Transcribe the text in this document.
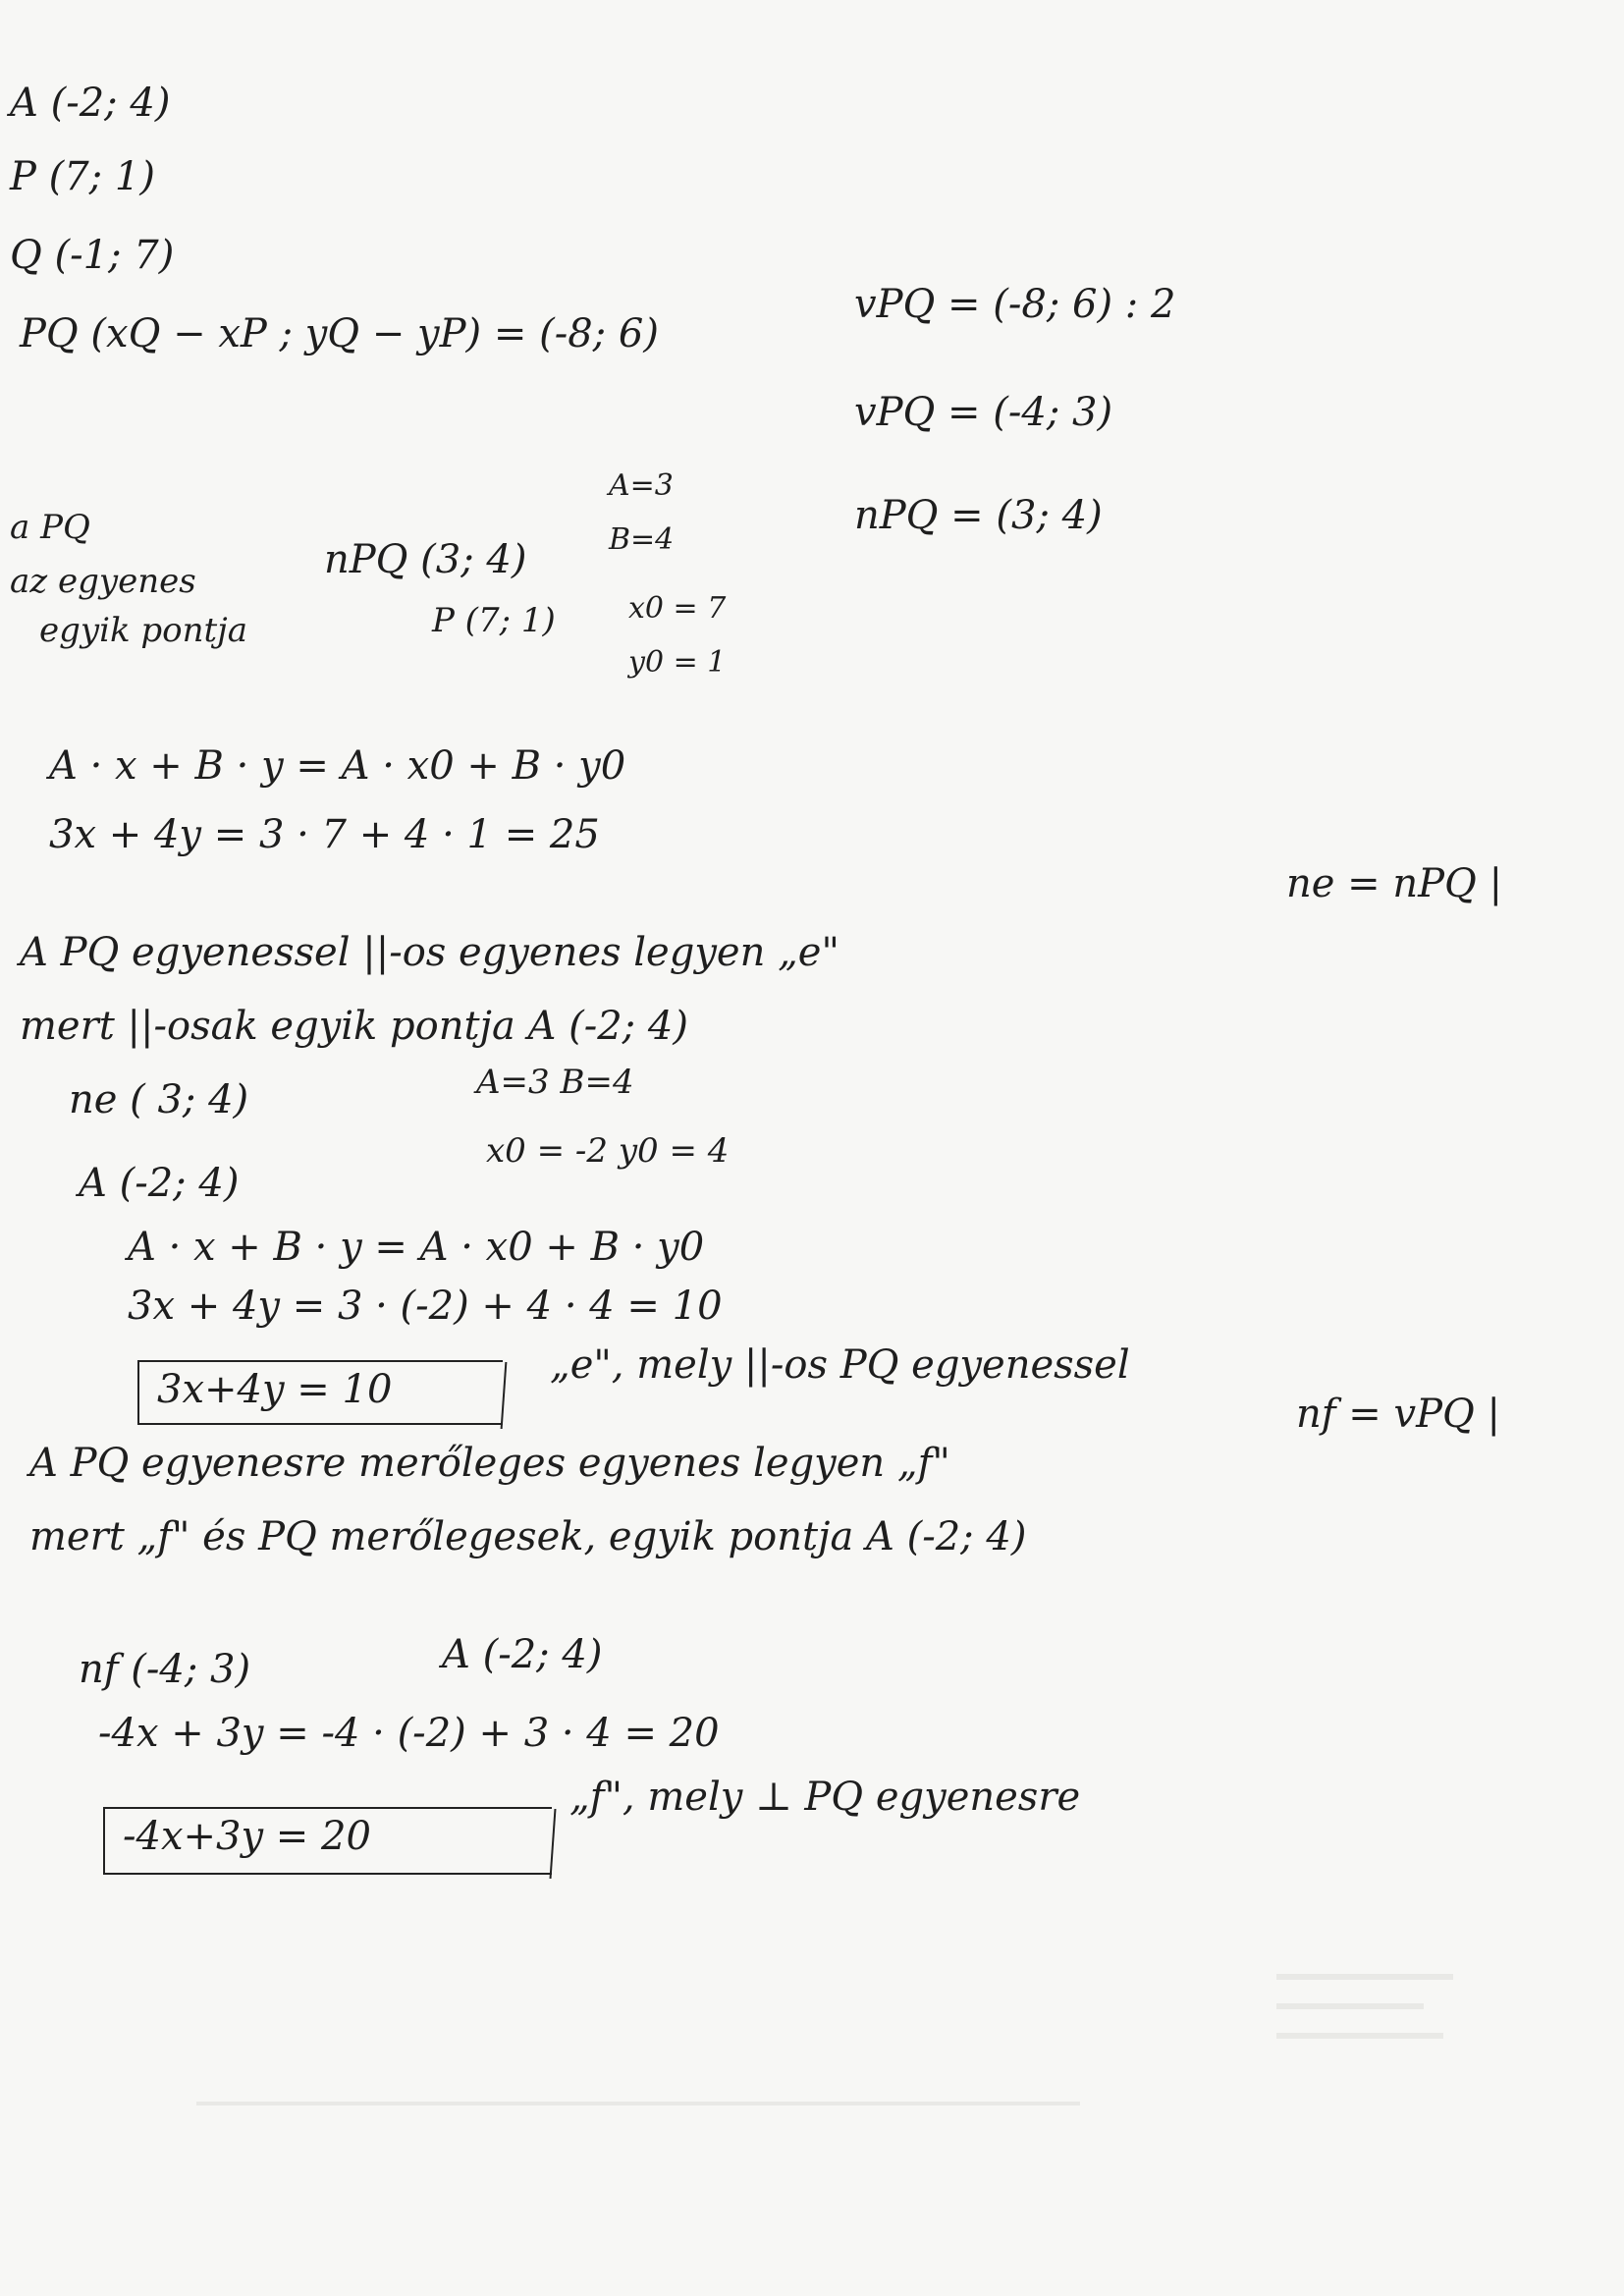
A (-2; 4)
P (7; 1)
Q (-1; 7)
PQ (xQ − xP ; yQ − yP) = (-8; 6)
vPQ = (-8; 6) : 2
vPQ = (-4; 3)
nPQ = (3; 4)
a PQ
az egyenes
egyik pontja
nPQ (3; 4)
A=3
B=4
P (7; 1) x0 = 7
y0 = 1
A · x + B · y = A · x0 + B · y0
3x + 4y = 3 · 7 + 4 · 1 = 25
A PQ egyenessel ||-os egyenes legyen „e"
ne = nPQ |
mert ||-osak egyik pontja A (-2; 4)
ne ( 3; 4)	A=3 B=4
A (-2; 4)
x0 = -2 y0 = 4
A · x + B · y = A · x0 + B · y0
3x + 4y = 3 · (-2) + 4 · 4 = 10
3x+4y = 10
„e", mely ||-os PQ egyenessel
A PQ egyenesre merőleges egyenes legyen „f"
nf = vPQ |
mert „f" és PQ merőlegesek, egyik pontja A (-2; 4)
nf (-4; 3)	A (-2; 4)
-4x + 3y = -4 · (-2) + 3 · 4 = 20
-4x+3y = 20
„f", mely ⊥ PQ egyenesre
